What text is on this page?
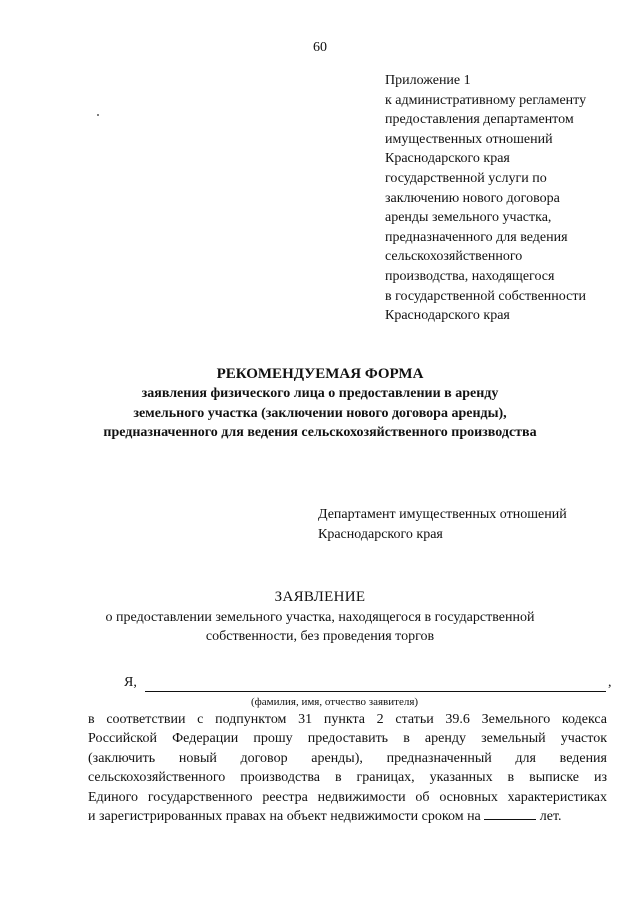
60
Приложение 1
к административному регламенту
предоставления департаментом
имущественных отношений
Краснодарского края
государственной услуги по
заключению нового договора
аренды земельного участка,
предназначенного для ведения
сельскохозяйственного
производства, находящегося
в государственной собственности
Краснодарского края
РЕКОМЕНДУЕМАЯ ФОРМА
заявления физического лица о предоставлении в аренду
земельного участка (заключении нового договора аренды),
предназначенного для ведения сельскохозяйственного производства
Департамент имущественных отношений
Краснодарского края
ЗАЯВЛЕНИЕ
о предоставлении земельного участка, находящегося в государственной
собственности, без проведения торгов
Я,	,
(фамилия, имя, отчество заявителя)
в соответствии с подпунктом 31 пункта 2 статьи 39.6 Земельного кодекса
Российской Федерации прошу предоставить в аренду земельный участок
(заключить новый договор аренды), предназначенный для ведения
сельскохозяйственного производства в границах, указанных в выписке из
Единого государственного реестра недвижимости об основных характеристиках
и зарегистрированных правах на объект недвижимости сроком на	лет.
